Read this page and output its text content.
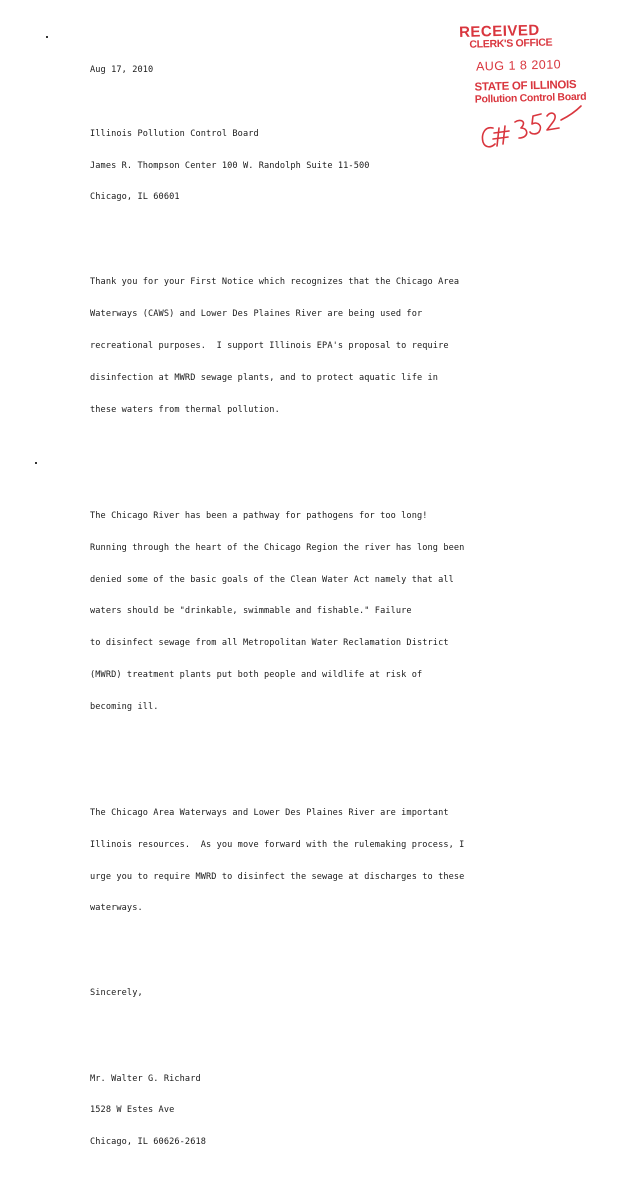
Aug 17, 2010

Illinois Pollution Control Board

James R. Thompson Center 100 W. Randolph Suite 11-500

Chicago, IL 60601

Thank you for your First Notice which recognizes that the Chicago Area

Waterways (CAWS) and Lower Des Plaines River are being used for

recreational purposes.  I support Illinois EPA's proposal to require

disinfection at MWRD sewage plants, and to protect aquatic life in

these waters from thermal pollution.

The Chicago River has been a pathway for pathogens for too long!

Running through the heart of the Chicago Region the river has long been

denied some of the basic goals of the Clean Water Act namely that all

waters should be "drinkable, swimmable and fishable." Failure

to disinfect sewage from all Metropolitan Water Reclamation District

(MWRD) treatment plants put both people and wildlife at risk of

becoming ill.

The Chicago Area Waterways and Lower Des Plaines River are important

Illinois resources.  As you move forward with the rulemaking process, I

urge you to require MWRD to disinfect the sewage at discharges to these

waterways.

Sincerely,

Mr. Walter G. Richard

1528 W Estes Ave

Chicago, IL 60626-2618

RECEIVED
CLERK'S OFFICE
AUG 1 8 2010
STATE OF ILLINOIS
Pollution Control Board
